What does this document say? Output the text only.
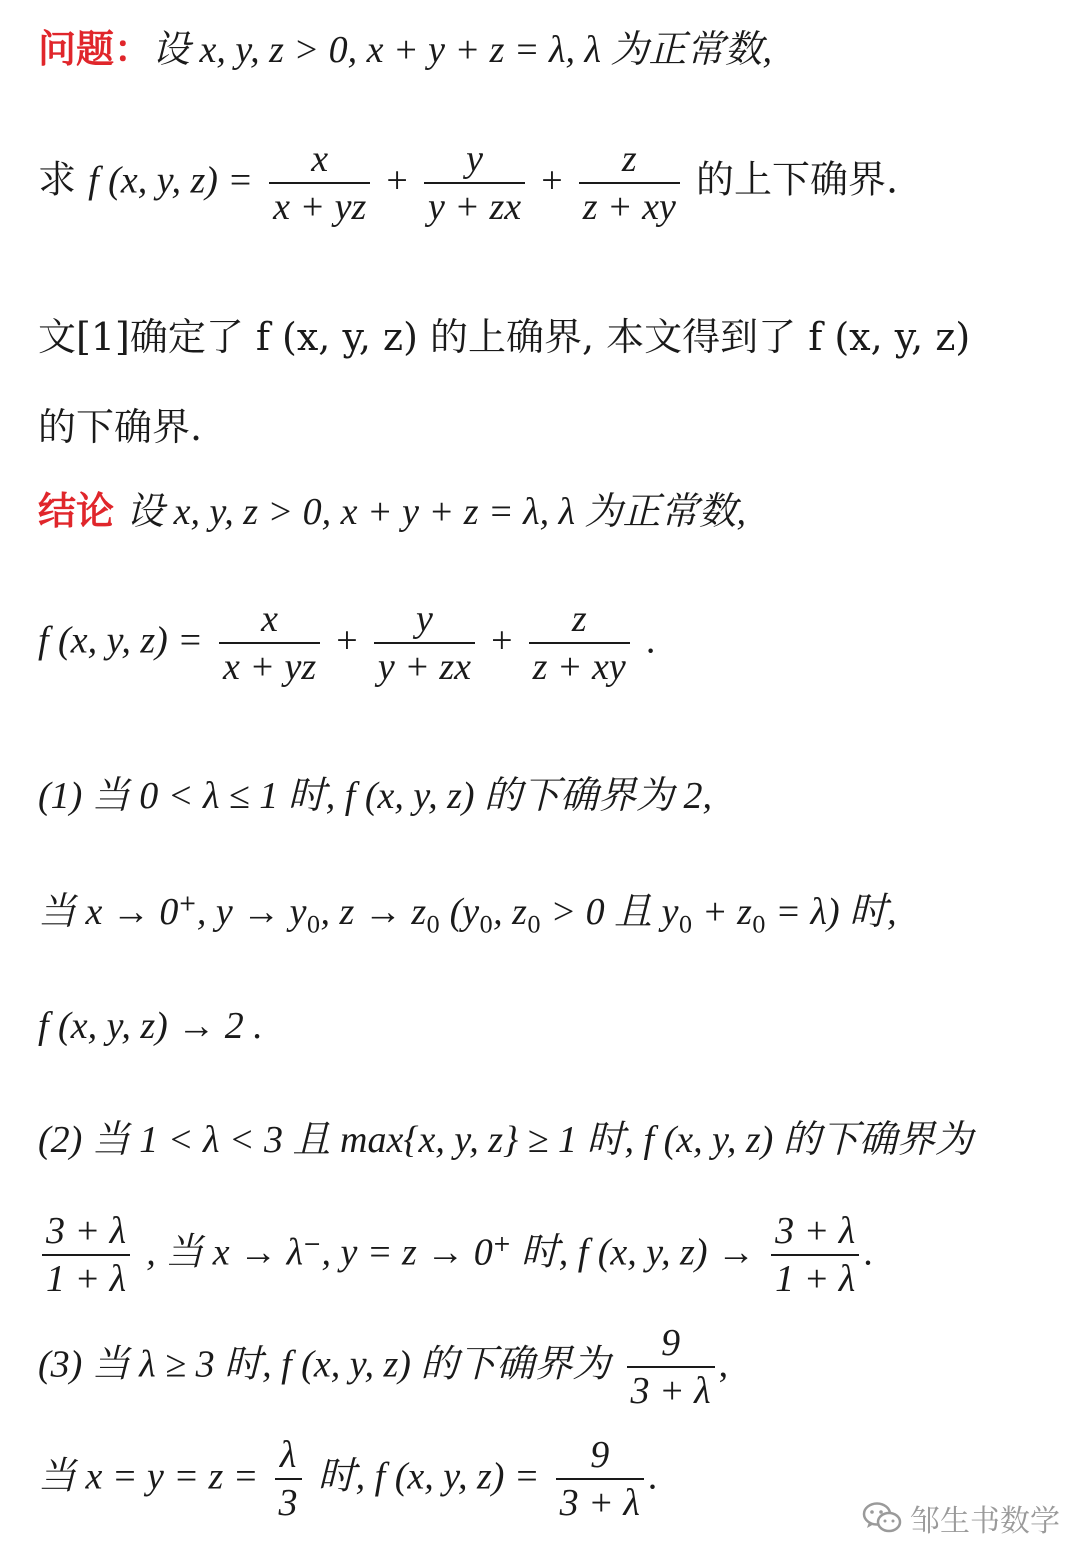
问题：设 x, y, z > 0, x + y + z = λ, λ 为正常数,
求 f (x, y, $z) = \frac{x}{x + yz} + \frac{y}{y + zx} + \frac{z}{z + xy}$ 的上下确界.
文[1]确定了 f (x, y, z) 的上确界, 本文得到了 f (x, y, z)
的下确界.
结论 设 x, y, z > 0, x + y + z = λ, λ 为正常数,
f (x, y, $z) = \frac{x}{x + yz} + \frac{y}{y + zx} + \frac{z}{z + xy}$ .
(1) 当 0 < λ ≤ 1 时, f (x, y, z) 的下确界为 2,
当 x → 0+, $y \to y_0$, $z \to z_0$ ($y_0$, $z_0 > 0$ 且 $y_0 + z_0 = \lambda$) 时,
f (x, y, z) → 2 .
(2) 当 1 < λ < 3 且 max{x, y, z} ≥ 1 时, f (x, y, z) 的下确界为
$\frac{3 + \lambda}{1 + \lambda}$ , 当 x → λ−, y = z → 0+ 时, f (x, y, $z) \to \frac{3 + \lambda}{1 + \lambda}$ .
(3) 当 λ ≥ 3 时, f (x, y, z) 的下确界为 $\frac{9}{3 + \lambda}$ ,
当 $x = y = z = \frac{\lambda}{3}$ 时, f (x, y, $z) = \frac{9}{3 + \lambda}$ .
邹生书数学
